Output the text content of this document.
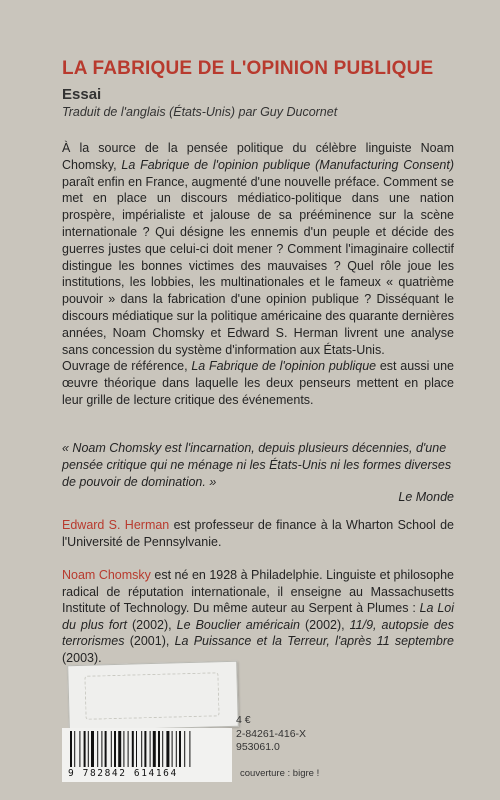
LA FABRIQUE DE L'OPINION PUBLIQUE
Essai
Traduit de l'anglais (États-Unis) par Guy Ducornet

À la source de la pensée politique du célèbre linguiste Noam Chomsky, La Fabrique de l'opinion publique (Manufacturing Consent) paraît enfin en France, augmenté d'une nouvelle préface. Comment se met en place un discours médiatico-politique dans une nation prospère, impérialiste et jalouse de sa prééminence sur la scène internationale ? Qui désigne les ennemis d'un peuple et décide des guerres justes que celui-ci doit mener ? Comment l'imaginaire collectif distingue les bonnes victimes des mauvaises ? Quel rôle joue les institutions, les lobbies, les multinationales et le fameux « quatrième pouvoir » dans la fabrication d'une opinion publique ? Disséquant le discours médiatique sur la politique américaine des quarante dernières années, Noam Chomsky et Edward S. Herman livrent une analyse sans concession du système d'information aux États-Unis.

Ouvrage de référence, La Fabrique de l'opinion publique est aussi une œuvre théorique dans laquelle les deux penseurs mettent en place leur grille de lecture critique des événements.

« Noam Chomsky est l'incarnation, depuis plusieurs décennies, d'une pensée critique qui ne ménage ni les États-Unis ni les formes diverses de pouvoir de domination. »
Le Monde
Edward S. Herman est professeur de finance à la Wharton School de l'Université de Pennsylvanie.
Noam Chomsky est né en 1928 à Philadelphie. Linguiste et philosophe radical de réputation internationale, il enseigne au Massachusetts Institute of Technology. Du même auteur au Serpent à Plumes : La Loi du plus fort (2002), Le Bouclier américain (2002), 11/9, autopsie des terrorismes (2001), La Puissance et la Terreur, l'après 11 septembre (2003).
4 €
2-84261-416-X
953061.0
9 782842 614164	couverture : bigre !
